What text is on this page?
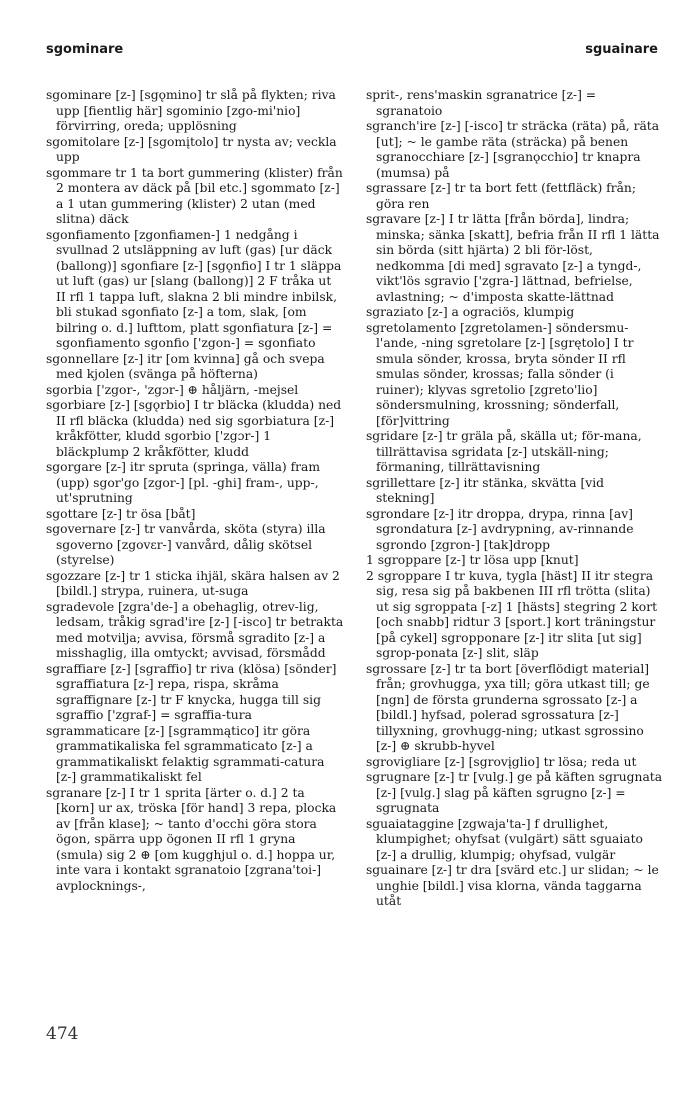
sgominare	sguainare

sgominare [z-] [sgǫmino] tr slå på flykten; riva upp [fientlig här] sgominio [zgo-mi'nio] förvirring, oreda; upplösning

sgomitolare [z-] [sgomįtolo] tr nysta av; veckla upp

sgommare tr 1 ta bort gummering (klister) från 2 montera av däck på [bil etc.] sgommato [z-] a 1 utan gummering (klister) 2 utan (med slitna) däck

sgonfiamento [zgonfiamen-] 1 nedgång i svullnad 2 utsläppning av luft (gas) [ur däck (ballong)] sgonfiare [z-] [sgǫnfio] I tr 1 släppa ut luft (gas) ur [slang (ballong)] 2 F tråka ut II rfl 1 tappa luft, slakna 2 bli mindre inbilsk, bli stukad sgonfiato [z-] a tom, slak, [om bilring o. d.] lufttom, platt sgonfiatura [z-] = sgonfiamento sgonfio ['zgon-] = sgonfiato

sgonnellare [z-] itr [om kvinna] gå och svepa med kjolen (svänga på höfterna)

sgorbia ['zgor-, 'zgɔr-] ⊕ håljärn, -mejsel

sgorbiare [z-] [sgǫrbio] I tr bläcka (kludda) ned II rfl bläcka (kludda) ned sig sgorbiatura [z-] kråkfötter, kludd sgorbio ['zgɔr-] 1 bläckplump 2 kråkfötter, kludd

sgorgare [z-] itr spruta (springa, välla) fram (upp) sgor'go [zgor-] [pl. -ghi] fram-, upp-, ut'sprutning

sgottare [z-] tr ösa [båt]

sgovernare [z-] tr vanvårda, sköta (styra) illa sgoverno [zgovɛr-] vanvård, dålig skötsel (styrelse)

sgozzare [z-] tr 1 sticka ihjäl, skära halsen av 2 [bildl.] strypa, ruinera, ut-suga

sgradevole [zgra'de-] a obehaglig, otrev-lig, ledsam, tråkig sgrad'ire [z-] [-isco] tr betrakta med motvilja; avvisa, försmå sgradito [z-] a misshaglig, illa omtyckt; avvisad, försmådd

sgraffiare [z-] [sgraffio] tr riva (klösa) [sönder] sgraffiatura [z-] repa, rispa, skråma sgraffignare [z-] tr F knycka, hugga till sig sgraffio ['zgraf-] = sgraffia-tura

sgrammaticare [z-] [sgrammątico] itr göra grammatikaliska fel sgrammaticato [z-] a grammatikaliskt felaktig sgrammati-catura [z-] grammatikaliskt fel

sgranare [z-] I tr 1 sprita [ärter o. d.] 2 ta [korn] ur ax, tröska [för hand] 3 repa, plocka av [från klase]; ~ tanto d'occhi göra stora ögon, spärra upp ögonen II rfl 1 gryna (smula) sig 2 ⊕ [om kugghjul o. d.] hoppa ur, inte vara i kontakt sgranatoio [zgrana'toi-] avplocknings-,

sprit-, rens'maskin sgranatrice [z-] = sgranatoio

sgranch'ire [z-] [-isco] tr sträcka (räta) på, räta [ut]; ~ le gambe räta (sträcka) på benen sgranocchiare [z-] [sgranǫcchio] tr knapra (mumsa) på

sgrassare [z-] tr ta bort fett (fettfläck) från; göra ren

sgravare [z-] I tr lätta [från börda], lindra; minska; sänka [skatt], befria från II rfl 1 lätta sin börda (sitt hjärta) 2 bli för-löst, nedkomma [di med] sgravato [z-] a tyngd-, vikt'lös sgravio ['zgra-] lättnad, befrielse, avlastning; ~ d'imposta skatte-lättnad

sgraziato [z-] a ograciös, klumpig

sgretolamento [zgretolamen-] söndersmu-l'ande, -ning sgretolare [z-] [sgrętolo] I tr smula sönder, krossa, bryta sönder II rfl smulas sönder, krossas; falla sönder (i ruiner); klyvas sgretolio [zgreto'lio] söndersmulning, krossning; sönderfall, [för]vittring

sgridare [z-] tr gräla på, skälla ut; för-mana, tillrättavisa sgridata [z-] utskäll-ning; förmaning, tillrättavisning

sgrillettare [z-] itr stänka, skvätta [vid stekning]

sgrondare [z-] itr droppa, drypa, rinna [av] sgrondatura [z-] avdrypning, av-rinnande sgrondo [zgron-] [tak]dropp

1 sgroppare [z-] tr lösa upp [knut]

2 sgroppare I tr kuva, tygla [häst] II itr stegra sig, resa sig på bakbenen III rfl trötta (slita) ut sig sgroppata [-z] 1 [hästs] stegring 2 kort [och snabb] ridtur 3 [sport.] kort träningstur [på cykel] sgropponare [z-] itr slita [ut sig] sgrop-ponata [z-] slit, släp

sgrossare [z-] tr ta bort [överflödigt material] från; grovhugga, yxa till; göra utkast till; ge [ngn] de första grunderna sgrossato [z-] a [bildl.] hyfsad, polerad sgrossatura [z-] tillyxning, grovhugg-ning; utkast sgrossino [z-] ⊕ skrubb-hyvel

sgrovigliare [z-] [sgrovįglio] tr lösa; reda ut

sgrugnare [z-] tr [vulg.] ge på käften sgrugnata [z-] [vulg.] slag på käften sgrugno [z-] = sgrugnata

sguaiataggine [zgwaja'ta-] f drullighet, klumpighet; ohyfsat (vulgärt) sätt sguaiato [z-] a drullig, klumpig; ohyfsad, vulgär

sguainare [z-] tr dra [svärd etc.] ur slidan; ~ le unghie [bildl.] visa klorna, vända taggarna utåt

474
